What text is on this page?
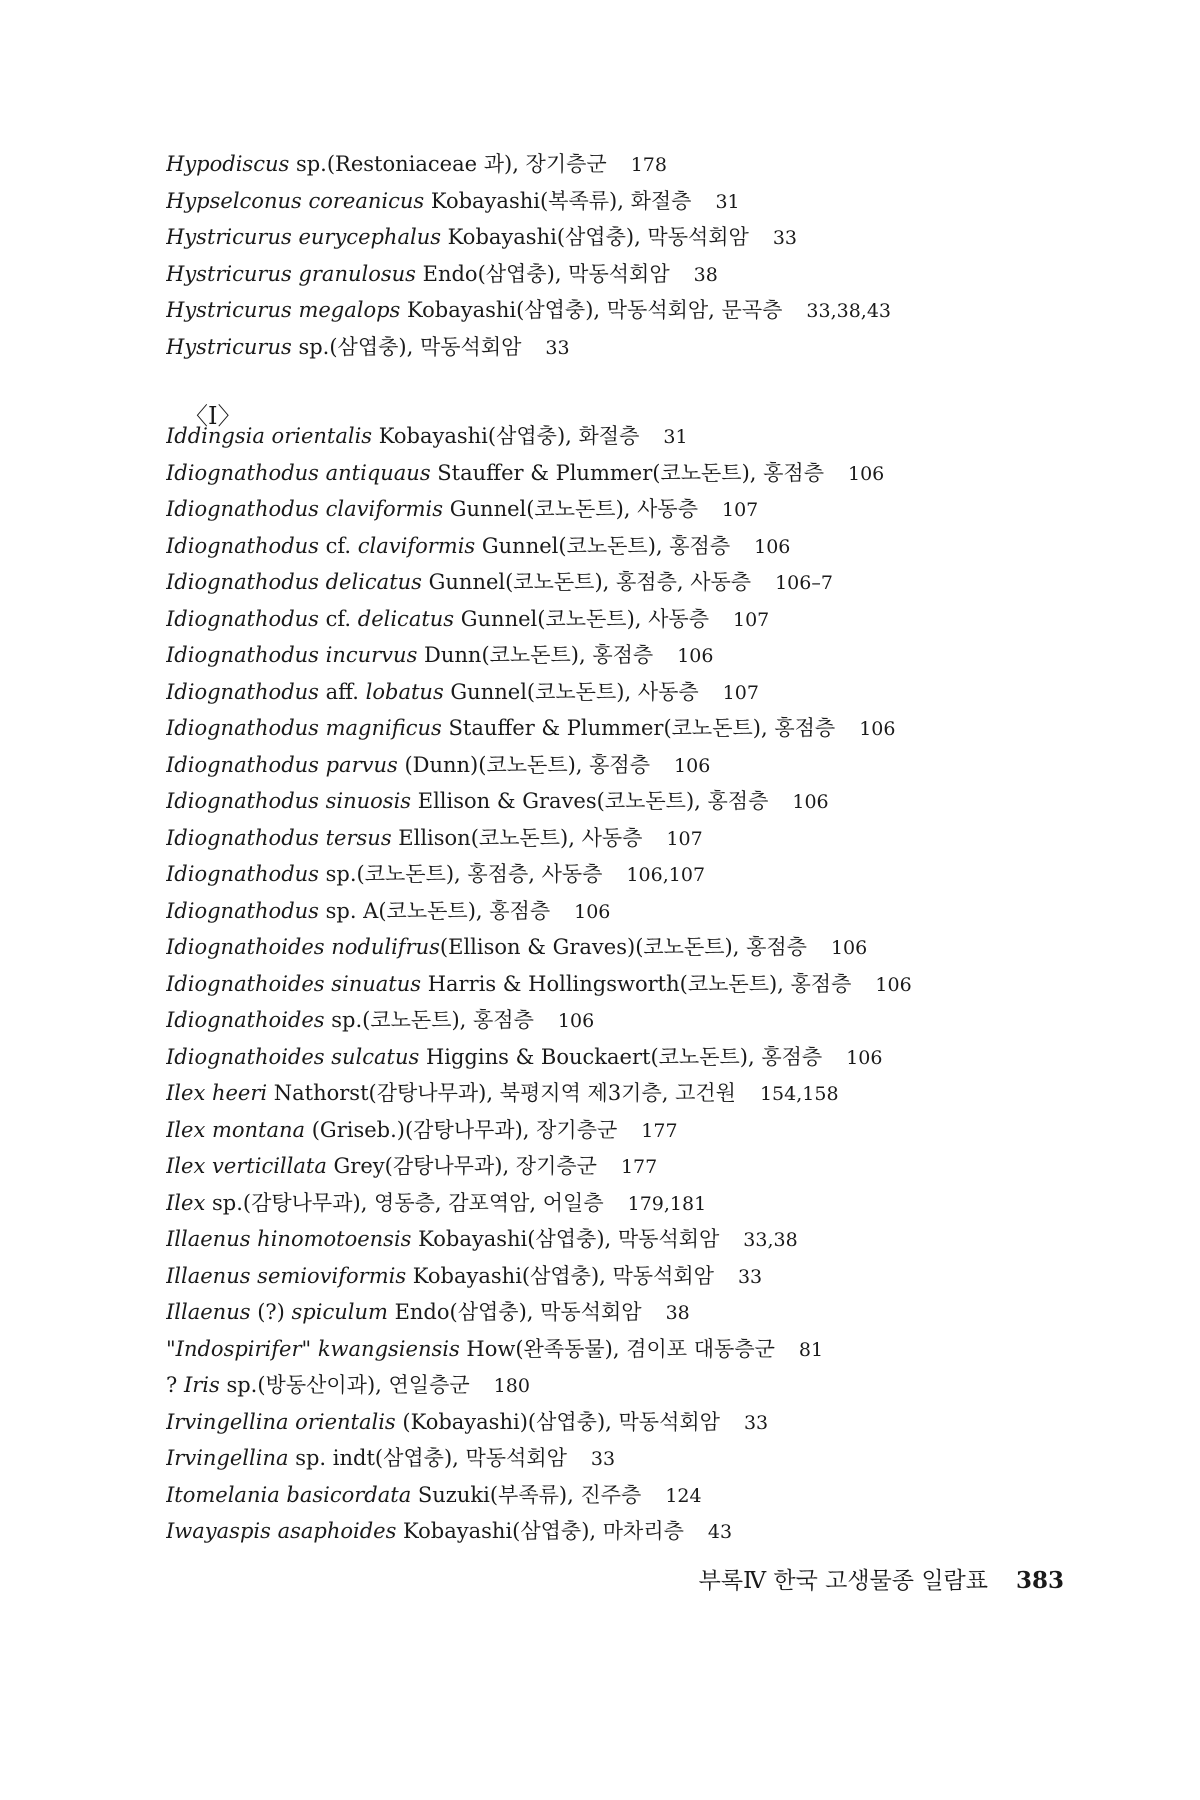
Hypodiscus sp. (Restoniaceae 과) , 장기층군 178
Hypselconus coreanicus Kobayashi (복족류) , 화절층 31
Hystricurus eurycephalus Kobayashi (삼엽충) , 막동석회암 33
Hystricurus granulosus Endo (삼엽충) , 막동석회암 38
Hystricurus megalops Kobayashi (삼엽충) , 막동석회암, 문곡층 33,38,43
Hystricurus sp. (삼엽충) , 막동석회암 33
〈I〉
Iddingsia orientalis Kobayashi (삼엽충) , 화절층 31
Idiognathodus antiquaus Stauffer & Plummer (코노돈트) , 홍점층 106
Idiognathodus claviformis Gunnel (코노돈트) , 사동층 107
Idiognathodus cf. claviformis Gunnel (코노돈트) , 홍점층 106
Idiognathodus delicatus Gunnel (코노돈트) , 홍점층, 사동층 106–7
Idiognathodus cf. delicatus Gunnel (코노돈트) , 사동층 107
Idiognathodus incurvus Dunn (코노돈트) , 홍점층 106
Idiognathodus aff. lobatus Gunnel (코노돈트) , 사동층 107
Idiognathodus magnificus Stauffer & Plummer (코노돈트) , 홍점층 106
Idiognathodus parvus (Dunn) (코노돈트) , 홍점층 106
Idiognathodus sinuosis Ellison & Graves (코노돈트) , 홍점층 106
Idiognathodus tersus Ellison (코노돈트) , 사동층 107
Idiognathodus sp. (코노돈트) , 홍점층, 사동층 106,107
Idiognathodus sp. A (코노돈트) , 홍점층 106
Idiognathoides nodulifrus (Ellison & Graves) (코노돈트) , 홍점층 106
Idiognathoides sinuatus Harris & Hollingsworth (코노돈트) , 홍점층 106
Idiognathoides sp. (코노돈트) , 홍점층 106
Idiognathoides sulcatus Higgins & Bouckaert (코노돈트) , 홍점층 106
Ilex heeri Nathorst (감탕나무과) , 북평지역 제3기층, 고건원 154,158
Ilex montana (Griseb.) (감탕나무과) , 장기층군 177
Ilex verticillata Grey (감탕나무과) , 장기층군 177
Ilex sp. (감탕나무과) , 영동층, 감포역암, 어일층 179,181
Illaenus hinomotoensis Kobayashi (삼엽충) , 막동석회암 33,38
Illaenus semioviformis Kobayashi (삼엽충) , 막동석회암 33
Illaenus (?) spiculum Endo (삼엽충) , 막동석회암 38
"Indospirifer" kwangsiensis How (완족동물) , 겸이포 대동층군 81
? Iris sp. (방동산이과) , 연일층군 180
Irvingellina orientalis (Kobayashi) (삼엽충) , 막동석회암 33
Irvingellina sp. indt (삼엽충) , 막동석회암 33
Itomelania basicordata Suzuki (부족류) , 진주층 124
Iwayaspis asaphoides Kobayashi (삼엽충) , 마차리층 43
부록Ⅳ 한국 고생물종 일람표 383
